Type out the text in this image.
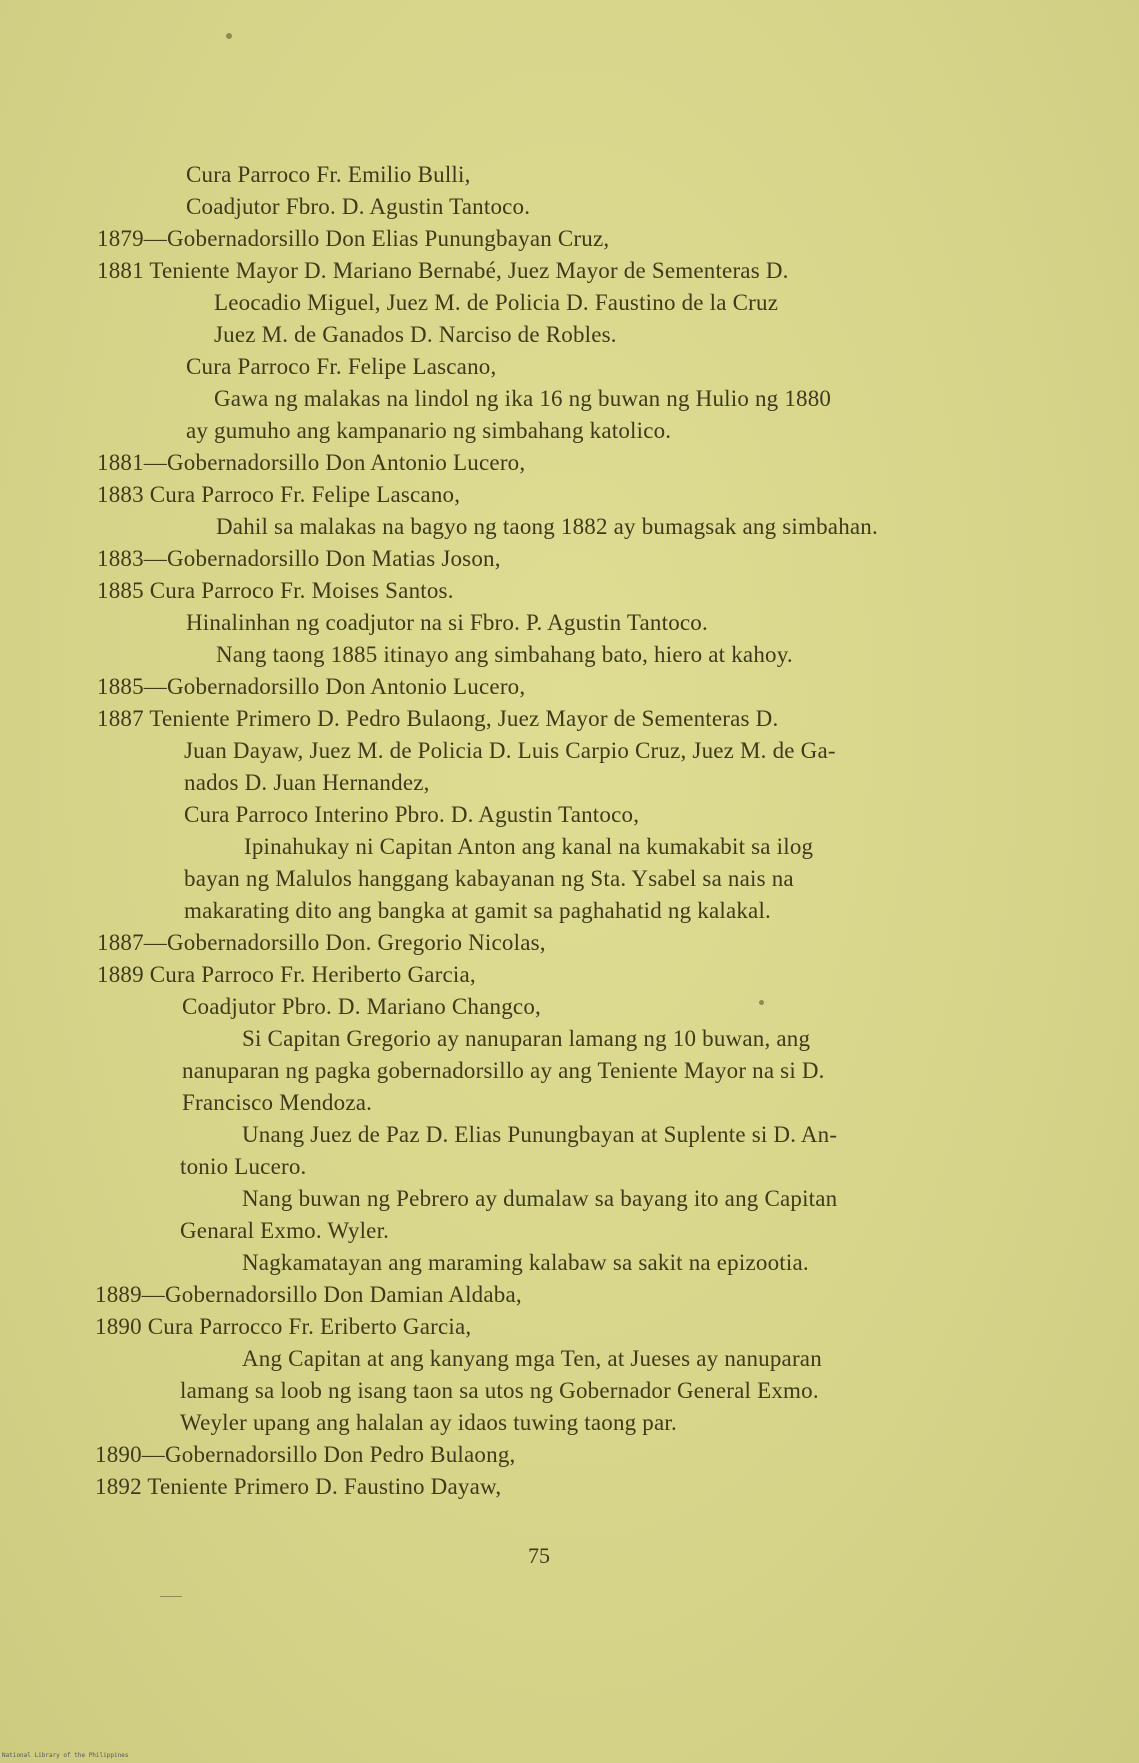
Cura Parroco Fr. Emilio Bulli,
Coadjutor Fbro. D. Agustin Tantoco.
1879—Gobernadorsillo Don Elias Punungbayan Cruz,
1881 Teniente Mayor D. Mariano Bernabé, Juez Mayor de Sementeras D.
Leocadio Miguel, Juez M. de Policia D. Faustino de la Cruz
Juez M. de Ganados D. Narciso de Robles.
Cura Parroco Fr. Felipe Lascano,
Gawa ng malakas na lindol ng ika 16 ng buwan ng Hulio ng 1880
ay gumuho ang kampanario ng simbahang katolico.
1881—Gobernadorsillo Don Antonio Lucero,
1883 Cura Parroco Fr. Felipe Lascano,
Dahil sa malakas na bagyo ng taong 1882 ay bumagsak ang simbahan.
1883—Gobernadorsillo Don Matias Joson,
1885 Cura Parroco Fr. Moises Santos.
Hinalinhan ng coadjutor na si Fbro. P. Agustin Tantoco.
Nang taong 1885 itinayo ang simbahang bato, hiero at kahoy.
1885—Gobernadorsillo Don Antonio Lucero,
1887 Teniente Primero D. Pedro Bulaong, Juez Mayor de Sementeras D.
Juan Dayaw, Juez M. de Policia D. Luis Carpio Cruz, Juez M. de Ga-
nados D. Juan Hernandez,
Cura Parroco Interino Pbro. D. Agustin Tantoco,
Ipinahukay ni Capitan Anton ang kanal na kumakabit sa ilog
bayan ng Malulos hanggang kabayanan ng Sta. Ysabel sa nais na
makarating dito ang bangka at gamit sa paghahatid ng kalakal.
1887—Gobernadorsillo Don. Gregorio Nicolas,
1889 Cura Parroco Fr. Heriberto Garcia,
Coadjutor Pbro. D. Mariano Changco,
Si Capitan Gregorio ay nanuparan lamang ng 10 buwan, ang
nanuparan ng pagka gobernadorsillo ay ang Teniente Mayor na si D.
Francisco Mendoza.
Unang Juez de Paz D. Elias Punungbayan at Suplente si D. An-
tonio Lucero.
Nang buwan ng Pebrero ay dumalaw sa bayang ito ang Capitan
Genaral Exmo. Wyler.
Nagkamatayan ang maraming kalabaw sa sakit na epizootia.
1889—Gobernadorsillo Don Damian Aldaba,
1890 Cura Parrocco Fr. Eriberto Garcia,
Ang Capitan at ang kanyang mga Ten, at Jueses ay nanuparan
lamang sa loob ng isang taon sa utos ng Gobernador General Exmo.
Weyler upang ang halalan ay idaos tuwing taong par.
1890—Gobernadorsillo Don Pedro Bulaong,
1892 Teniente Primero D. Faustino Dayaw,
75
National Library of the Philippines
